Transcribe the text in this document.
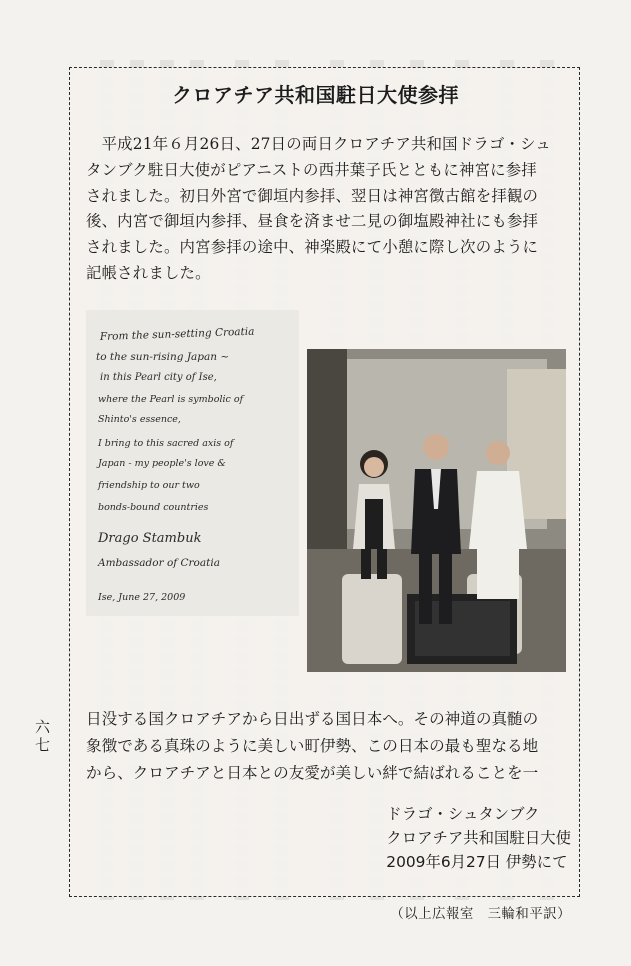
クロアチア共和国駐日大使参拝

　平成21年６月26日、27日の両日クロアチア共和国ドラゴ・シュ
タンブク駐日大使がピアニストの西井葉子氏とともに神宮に参拝
されました。初日外宮で御垣内参拝、翌日は神宮徴古館を拝観の
後、内宮で御垣内参拝、昼食を済ませ二見の御塩殿神社にも参拝
されました。内宮参拝の途中、神楽殿にて小憩に際し次のように
記帳されました。

From the sun-setting Croatia
to the sun-rising Japan ~
in this Pearl city of Ise,
where the Pearl is symbolic of
Shinto's essence,
I bring to this sacred axis of
Japan - my people's love &
friendship to our two
bonds-bound countries
Drago Stambuk
Ambassador of Croatia
Ise, June 27, 2009

日没する国クロアチアから日出ずる国日本へ。その神道の真髄の
象徴である真珠のように美しい町伊勢、この日本の最も聖なる地
から、クロアチアと日本との友愛が美しい絆で結ばれることを一

ドラゴ・シュタンブク
クロアチア共和国駐日大使
2009年6月27日 伊勢にて
六
七
（以上広報室　三輪和平訳）
